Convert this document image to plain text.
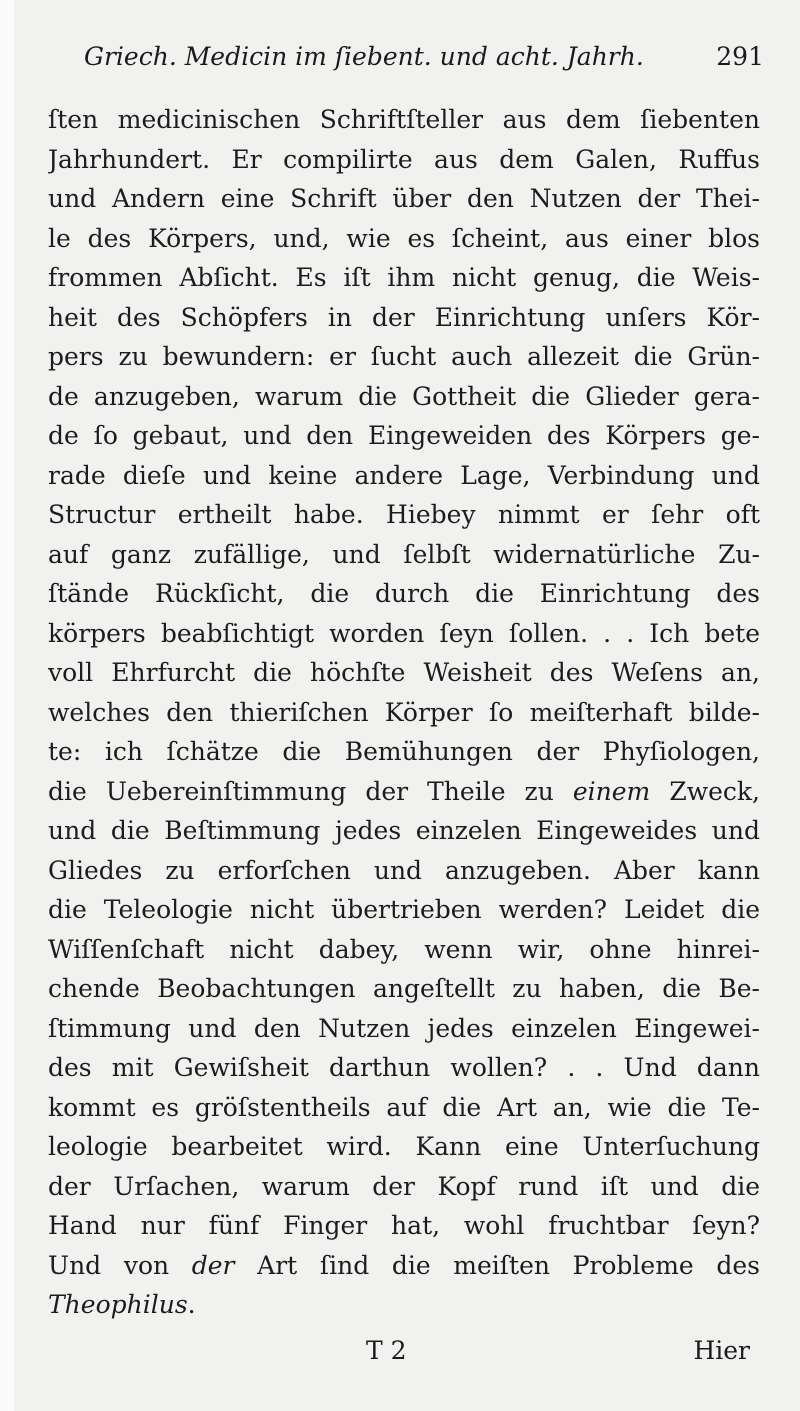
Griech. Medicin im ſiebent. und acht. Jahrh.	291
ſten medicinischen Schriftſteller aus dem ſiebenten
Jahrhundert. Er compilirte aus dem Galen, Ruffus
und Andern eine Schrift über den Nutzen der Thei-
le des Körpers, und, wie es ſcheint, aus einer blos
frommen Abſicht. Es iſt ihm nicht genug, die Weis-
heit des Schöpfers in der Einrichtung unſers Kör-
pers zu bewundern: er ſucht auch allezeit die Grün-
de anzugeben, warum die Gottheit die Glieder gera-
de ſo gebaut, und den Eingeweiden des Körpers ge-
rade dieſe und keine andere Lage, Verbindung und
Structur ertheilt habe. Hiebey nimmt er ſehr oft
auf ganz zufällige, und ſelbſt widernatürliche Zu-
ſtände Rückſicht, die durch die Einrichtung des
körpers beabſichtigt worden ſeyn ſollen. . . Ich bete
voll Ehrfurcht die höchſte Weisheit des Weſens an,
welches den thieriſchen Körper ſo meiſterhaft bilde-
te: ich ſchätze die Bemühungen der Phyſiologen,
die Uebereinſtimmung der Theile zu einem Zweck,
und die Beſtimmung jedes einzelen Eingeweides und
Gliedes zu erforſchen und anzugeben. Aber kann
die Teleologie nicht übertrieben werden? Leidet die
Wiſſenſchaft nicht dabey, wenn wir, ohne hinrei-
chende Beobachtungen angeſtellt zu haben, die Be-
ſtimmung und den Nutzen jedes einzelen Eingewei-
des mit Gewiſsheit darthun wollen? . . Und dann
kommt es gröſstentheils auf die Art an, wie die Te-
leologie bearbeitet wird. Kann eine Unterſuchung
der Urſachen, warum der Kopf rund iſt und die
Hand nur fünf Finger hat, wohl fruchtbar ſeyn?
Und von der Art ſind die meiſten Probleme des
Theophilus.
T 2	Hier
